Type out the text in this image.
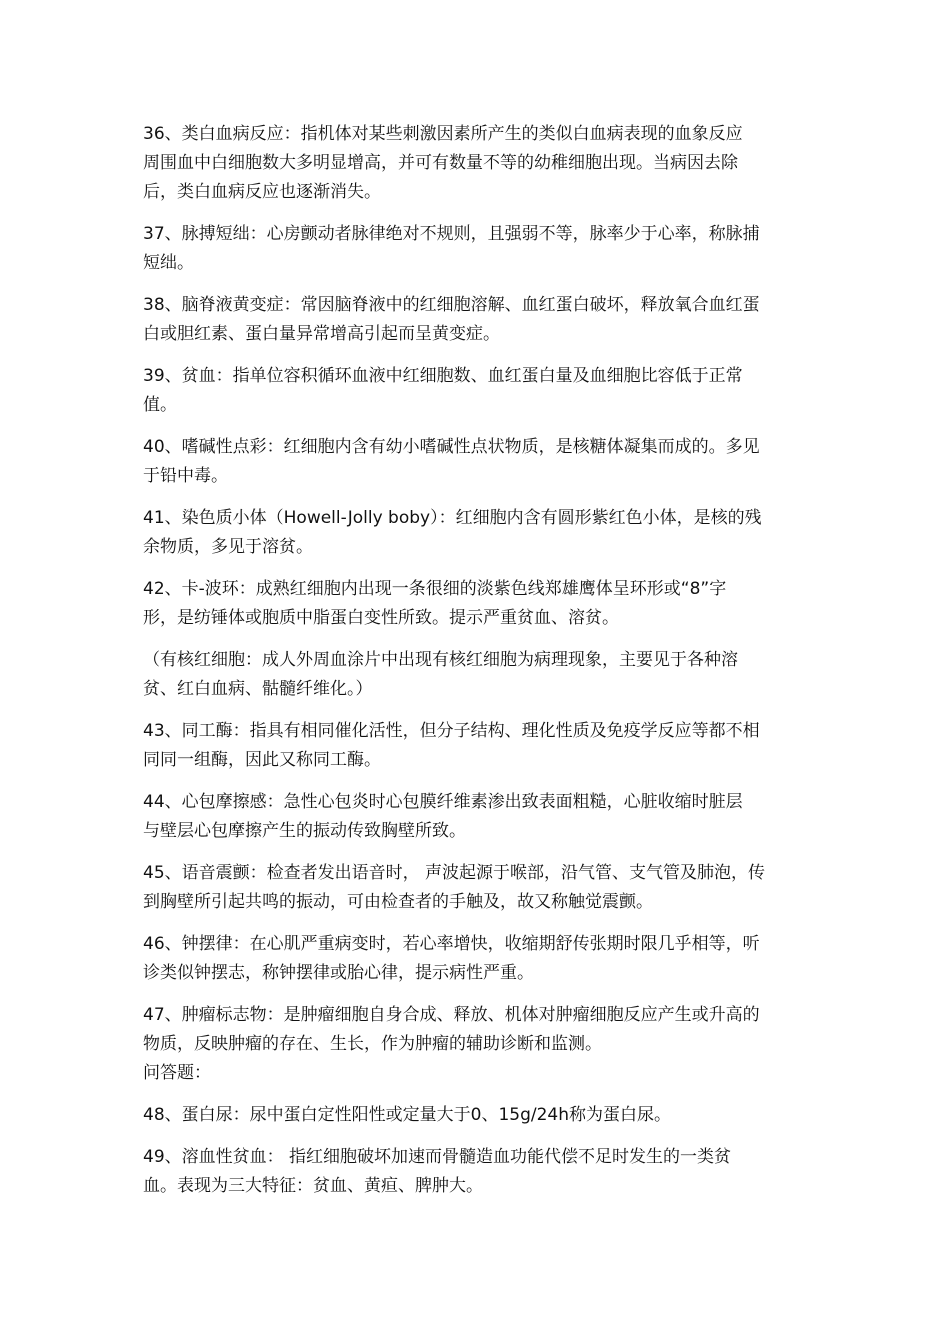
36、类白血病反应：指机体对某些刺激因素所产生的类似白血病表现的血象反应
周围血中白细胞数大多明显增高，并可有数量不等的幼稚细胞出现。当病因去除
后，类白血病反应也逐渐消失。
37、脉搏短绌：心房颤动者脉律绝对不规则，且强弱不等，脉率少于心率，称脉捕
短绌。
38、脑脊液黄变症：常因脑脊液中的红细胞溶解、血红蛋白破坏，释放氧合血红蛋
白或胆红素、蛋白量异常增高引起而呈黄变症。
39、贫血：指单位容积循环血液中红细胞数、血红蛋白量及血细胞比容低于正常
值。
40、嗜碱性点彩：红细胞内含有幼小嗜碱性点状物质，是核糖体凝集而成的。多见
于铅中毒。
41、染色质小体（Howell-Jolly boby）：红细胞内含有圆形紫红色小体，是核的残
余物质，多见于溶贫。
42、卡-波环：成熟红细胞内出现一条很细的淡紫色线郑雄鹰体呈环形或“8”字
形，是纺锤体或胞质中脂蛋白变性所致。提示严重贫血、溶贫。
（有核红细胞：成人外周血涂片中出现有核红细胞为病理现象，主要见于各种溶
贫、红白血病、骷髓纤维化。）
43、同工酶：指具有相同催化活性，但分子结构、理化性质及免疫学反应等都不相
同同一组酶，因此又称同工酶。
44、心包摩擦感：急性心包炎时心包膜纤维素渗出致表面粗糙，心脏收缩时脏层
与壁层心包摩擦产生的振动传致胸壁所致。
45、语音震颤：检查者发出语音时， 声波起源于喉部，沿气管、支气管及肺泡，传
到胸壁所引起共鸣的振动，可由检查者的手触及，故又称触觉震颤。
46、钟摆律：在心肌严重病变时，若心率增快，收缩期舒传张期时限几乎相等，听
诊类似钟摆志，称钟摆律或胎心律，提示病性严重。
47、肿瘤标志物：是肿瘤细胞自身合成、释放、机体对肿瘤细胞反应产生或升高的
物质，反映肿瘤的存在、生长，作为肿瘤的辅助诊断和监测。
问答题：
48、蛋白尿：尿中蛋白定性阳性或定量大于0、15g/24h称为蛋白尿。
49、溶血性贫血： 指红细胞破坏加速而骨髓造血功能代偿不足时发生的一类贫
血。表现为三大特征：贫血、黄疸、脾肿大。
